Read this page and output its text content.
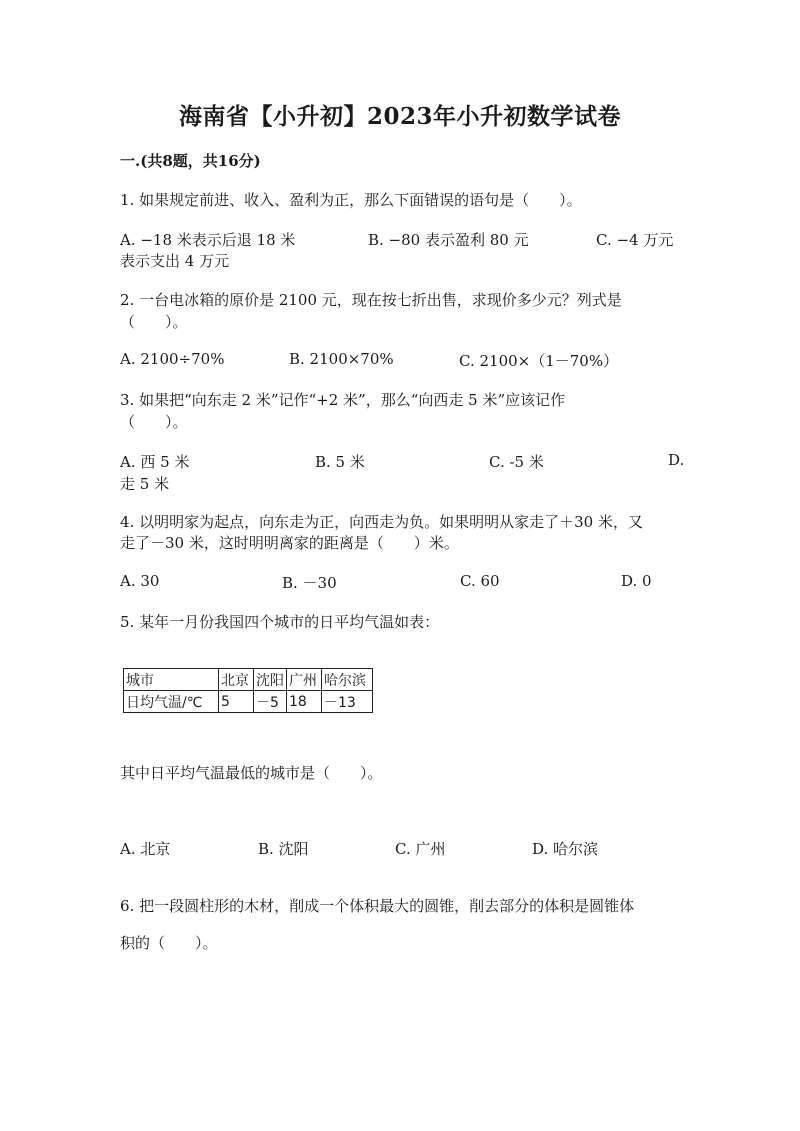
海南省【小升初】2023年小升初数学试卷
一.(共8题，共16分)
1. 如果规定前进、收入、盈利为正，那么下面错误的语句是（　　）。
A. −18 米表示后退 18 米	B. −80 表示盈利 80 元	C. −4 万元
表示支出 4 万元
2. 一台电冰箱的原价是 2100 元，现在按七折出售，求现价多少元？列式是
（　　）。
A. 2100÷70%	B. 2100×70%	C. 2100×（1－70%）
3. 如果把“向东走 2 米”记作“+2 米”，那么“向西走 5 米”应该记作
（　　）。
A. 西 5 米	B. 5 米	C. -5 米	D.
走 5 米
4. 以明明家为起点，向东走为正，向西走为负。如果明明从家走了＋30 米，又
走了－30 米，这时明明离家的距离是（　　）米。
A. 30	B. －30	C. 60	D. 0
5. 某年一月份我国四个城市的日平均气温如表：
城市	北京	沈阳	广州	哈尔滨
日均气温/℃	5	－5	18	－13
其中日平均气温最低的城市是（　　）。
A. 北京	B. 沈阳	C. 广州	D. 哈尔滨
6. 把一段圆柱形的木材，削成一个体积最大的圆锥，削去部分的体积是圆锥体
积的（　　）。
